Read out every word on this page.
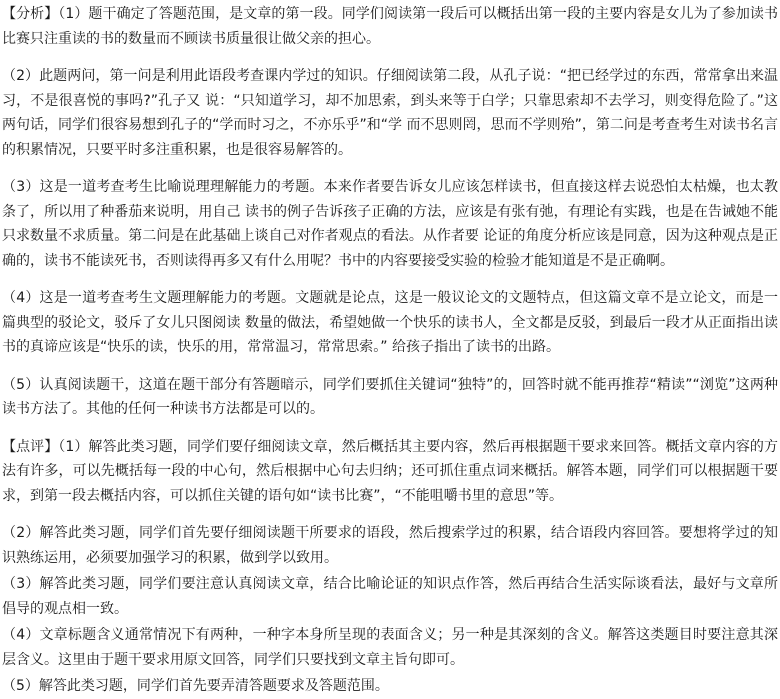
【分析】（1）题干确定了答题范围，是文章的第一段。同学们阅读第一段后可以概括出第一段的主要内容是女儿为了参加读书比赛只注重读的书的数量而不顾读书质量很让做父亲的担心。

（2）此题两问，第一问是利用此语段考查课内学过的知识。仔细阅读第二段，从孔子说：“把已经学过的东西，常常拿出来温习，不是很喜悦的事吗?”孔子又 说：“只知道学习，却不加思索，到头来等于白学；只靠思索却不去学习，则变得危险了。”这两句话，同学们很容易想到孔子的“学而时习之，不亦乐乎”和“学 而不思则罔，思而不学则殆”，第二问是考查考生对读书名言的积累情况，只要平时多注重积累，也是很容易解答的。

（3）这是一道考查考生比喻说理理解能力的考题。本来作者要告诉女儿应该怎样读书，但直接这样去说恐怕太枯燥，也太教条了，所以用了种番茄来说明，用自己 读书的例子告诉孩子正确的方法，应该是有张有弛，有理论有实践，也是在告诫她不能只求数量不求质量。第二问是在此基础上谈自己对作者观点的看法。从作者要 论证的角度分析应该是同意，因为这种观点是正确的，读书不能读死书，否则读得再多又有什么用呢？书中的内容要接受实验的检验才能知道是不是正确啊。

（4）这是一道考查考生文题理解能力的考题。文题就是论点，这是一般议论文的文题特点，但这篇文章不是立论文，而是一篇典型的驳论文，驳斥了女儿只图阅读 数量的做法，希望她做一个快乐的读书人，全文都是反驳，到最后一段才从正面指出读书的真谛应该是“快乐的读，快乐的用，常常温习，常常思索。” 给孩子指出了读书的出路。

（5）认真阅读题干，这道在题干部分有答题暗示，同学们要抓住关键词“独特”的，回答时就不能再推荐“精读”“浏览”这两种读书方法了。其他的任何一种读书方法都是可以的。

【点评】（1）解答此类习题，同学们要仔细阅读文章，然后概括其主要内容，然后再根据题干要求来回答。概括文章内容的方法有许多，可以先概括每一段的中心句，然后根据中心句去归纳；还可抓住重点词来概括。解答本题，同学们可以根据题干要求，到第一段去概括内容，可以抓住关键的语句如“读书比赛”，“不能咀嚼书里的意思”等。

（2）解答此类习题，同学们首先要仔细阅读题干所要求的语段，然后搜索学过的积累，结合语段内容回答。要想将学过的知识熟练运用，必须要加强学习的积累，做到学以致用。

（3）解答此类习题，同学们要注意认真阅读文章，结合比喻论证的知识点作答，然后再结合生活实际谈看法，最好与文章所倡导的观点相一致。

（4）文章标题含义通常情况下有两种，一种字本身所呈现的表面含义；另一种是其深刻的含义。解答这类题目时要注意其深层含义。这里由于题干要求用原文回答，同学们只要找到文章主旨句即可。

（5）解答此类习题，同学们首先要弄清答题要求及答题范围。
